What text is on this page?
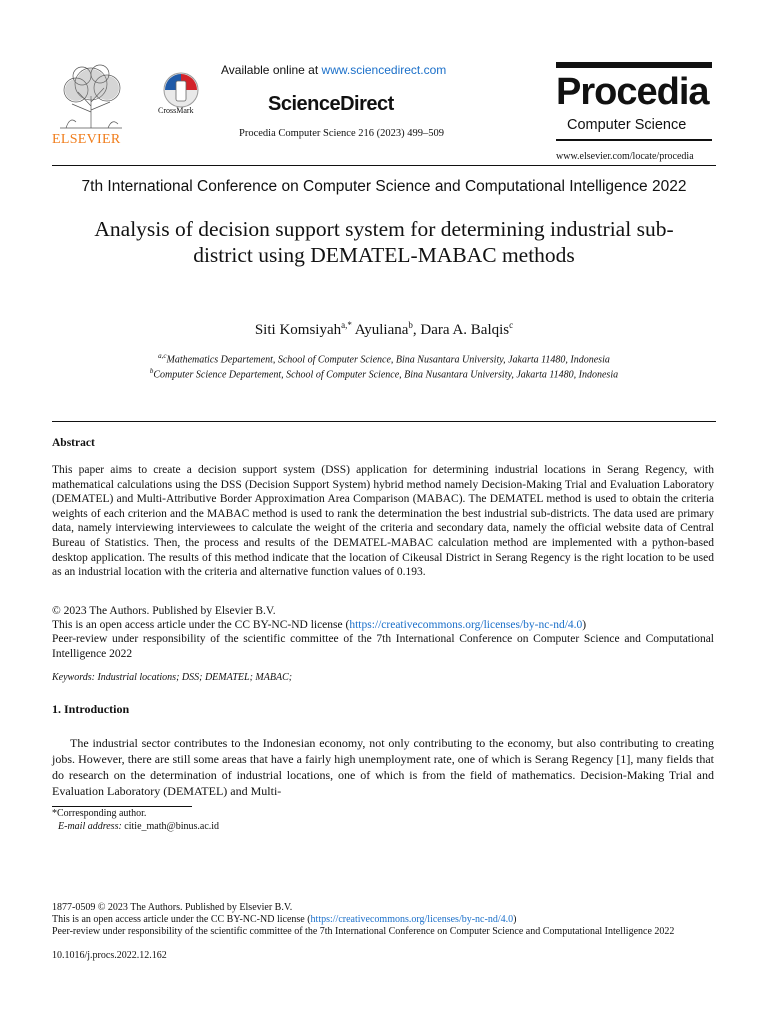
ELSEVIER
CrossMark
Available online at www.sciencedirect.com
ScienceDirect
Procedia Computer Science 216 (2023) 499–509
Procedia
Computer Science
www.elsevier.com/locate/procedia
7th International Conference on Computer Science and Computational Intelligence 2022
Analysis of decision support system for determining industrial sub-
district using DEMATEL-MABAC methods
Siti Komsiyah$^{a,*}$ Ayuliana$^b$, Dara A. Balqis$^c$
$^{a,c}$Mathematics Departement, School of Computer Science, Bina Nusantara University, Jakarta 11480, Indonesia
$^b$Computer Science Departement, School of Computer Science, Bina Nusantara University, Jakarta 11480, Indonesia
Abstract
This paper aims to create a decision support system (DSS) application for determining industrial locations in Serang Regency, with mathematical calculations using the DSS (Decision Support System) hybrid method namely Decision-Making Trial and Evaluation Laboratory (DEMATEL) and Multi-Attributive Border Approximation Area Comparison (MABAC). The DEMATEL method is used to obtain the criteria weights of each criterion and the MABAC method is used to rank the determination the best industrial sub-districts. The data used are primary data, namely interviewing interviewees to calculate the weight of the criteria and secondary data, namely the official website data of Central Bureau of Statistics. Then, the process and results of the DEMATEL-MABAC calculation method are implemented with a python-based desktop application. The results of this method indicate that the location of Cikeusal District in Serang Regency is the right location to be used as an industrial location with the criteria and alternative function values of 0.193.
© 2023 The Authors. Published by Elsevier B.V.
This is an open access article under the CC BY-NC-ND license (https://creativecommons.org/licenses/by-nc-nd/4.0)
Peer-review under responsibility of the scientific committee of the 7th International Conference on Computer Science and Computational Intelligence 2022
Keywords: Industrial locations; DSS; DEMATEL; MABAC;
1. Introduction
The industrial sector contributes to the Indonesian economy, not only contributing to the economy, but also contributing to creating jobs. However, there are still some areas that have a fairly high unemployment rate, one of which is Serang Regency [1], many fields that do research on the determination of industrial locations, one of which is from the field of mathematics. Decision-Making Trial and Evaluation Laboratory (DEMATEL) and Multi-
*Corresponding author.
E-mail address: citie_math@binus.ac.id
1877-0509 © 2023 The Authors. Published by Elsevier B.V.
This is an open access article under the CC BY-NC-ND license (https://creativecommons.org/licenses/by-nc-nd/4.0)
Peer-review under responsibility of the scientific committee of the 7th International Conference on Computer Science and Computational Intelligence 2022
10.1016/j.procs.2022.12.162
